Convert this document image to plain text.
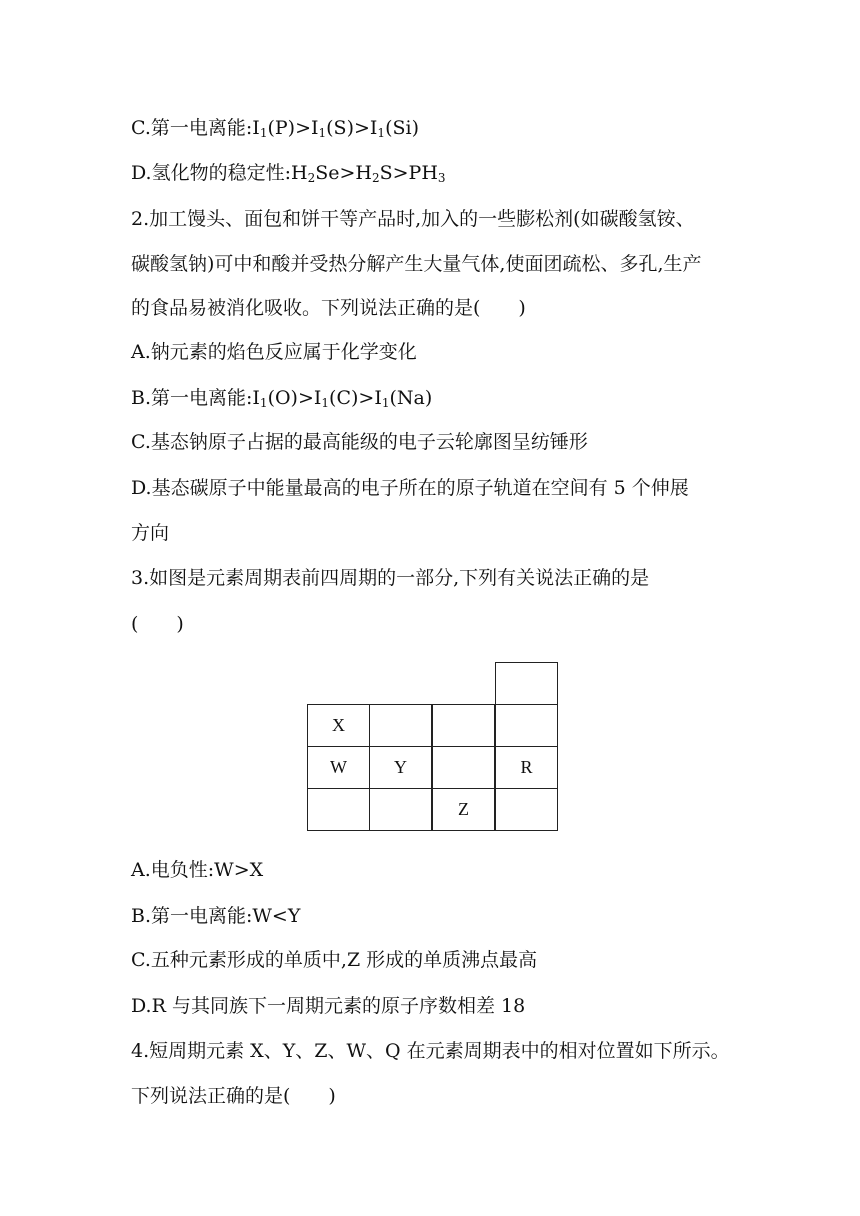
C.第一电离能$:I_1(P)>I_1(S)>I_1(Si)$
D.氢化物的稳定性$:H_2Se>H_2S>PH_3$
2.加工馒头、面包和饼干等产品时,加入的一些膨松剂(如碳酸氢铵、
碳酸氢钠)可中和酸并受热分解产生大量气体,使面团疏松、多孔,生产
的食品易被消化吸收。下列说法正确的是(　　)
A.钠元素的焰色反应属于化学变化
B.第一电离能$:I_1(O)>I_1(C)>I_1(Na)$
C.基态钠原子占据的最高能级的电子云轮廓图呈纺锤形
D.基态碳原子中能量最高的电子所在的原子轨道在空间有 5 个伸展
方向
3.如图是元素周期表前四周期的一部分,下列有关说法正确的是
(　　)
X
W	Y	R
Z
A.电负性:W>X
B.第一电离能:W<Y
C.五种元素形成的单质中,Z 形成的单质沸点最高
D.R 与其同族下一周期元素的原子序数相差 18
4.短周期元素 X、Y、Z、W、Q 在元素周期表中的相对位置如下所示。
下列说法正确的是(　　)
